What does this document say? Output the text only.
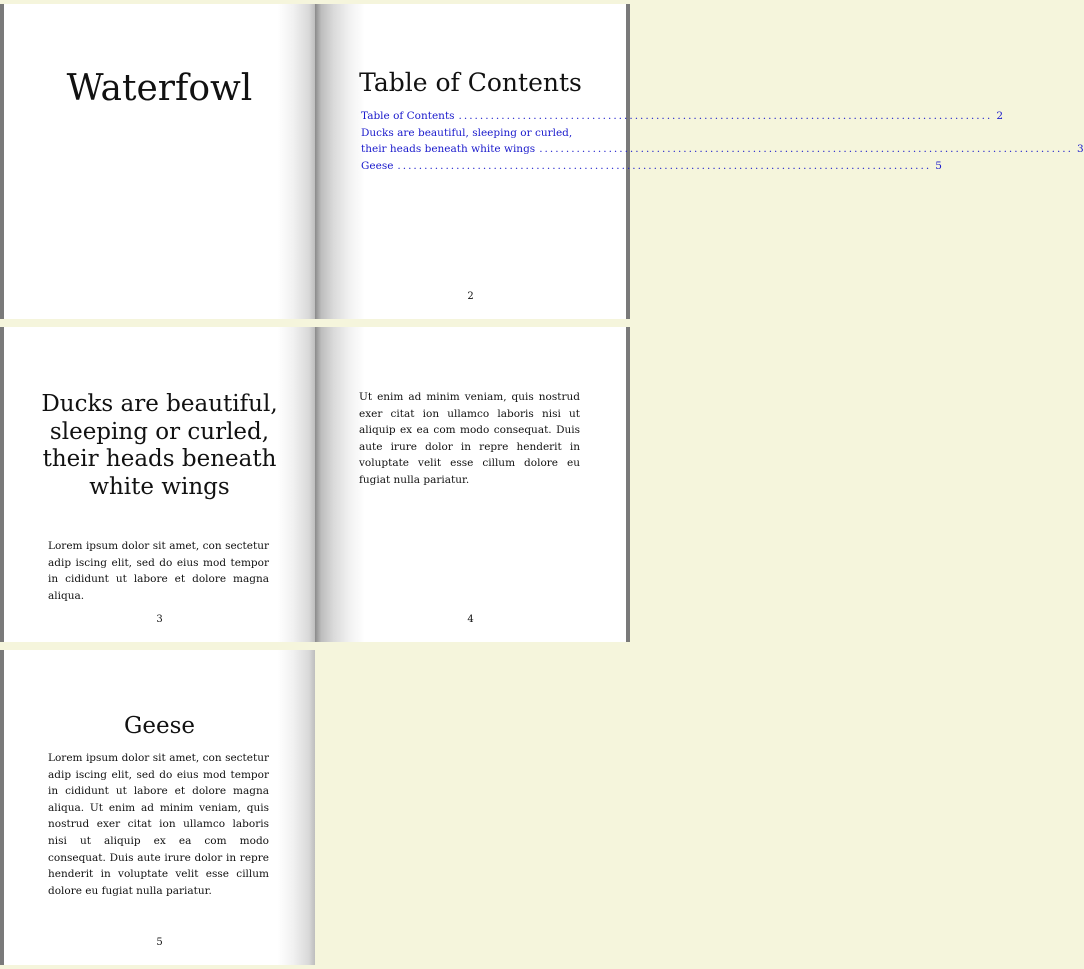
Waterfowl	Table of Contents
Table of Contents .................................................................................................... 2
Ducks are beautiful, sleeping or curled,
their heads beneath white wings .................................................................................................... 3
Geese .................................................................................................... 5
2
Ducks are beautiful, sleeping or curled, their heads beneath white wings

Lorem ipsum dolor sit amet, con sectetur adip iscing elit, sed do eius mod tempor in cididunt ut labore et dolore magna aliqua.

3

Ut enim ad minim veniam, quis nostrud exer citat ion ullamco laboris nisi ut aliquip ex ea com modo consequat. Duis aute irure dolor in repre henderit in voluptate velit esse cillum dolore eu fugiat nulla pariatur.

4
Geese

Lorem ipsum dolor sit amet, con sectetur adip iscing elit, sed do eius mod tempor in cididunt ut labore et dolore magna aliqua. Ut enim ad minim veniam, quis nostrud exer citat ion ullamco laboris nisi ut aliquip ex ea com modo consequat. Duis aute irure dolor in repre henderit in voluptate velit esse cillum dolore eu fugiat nulla pariatur.

5
